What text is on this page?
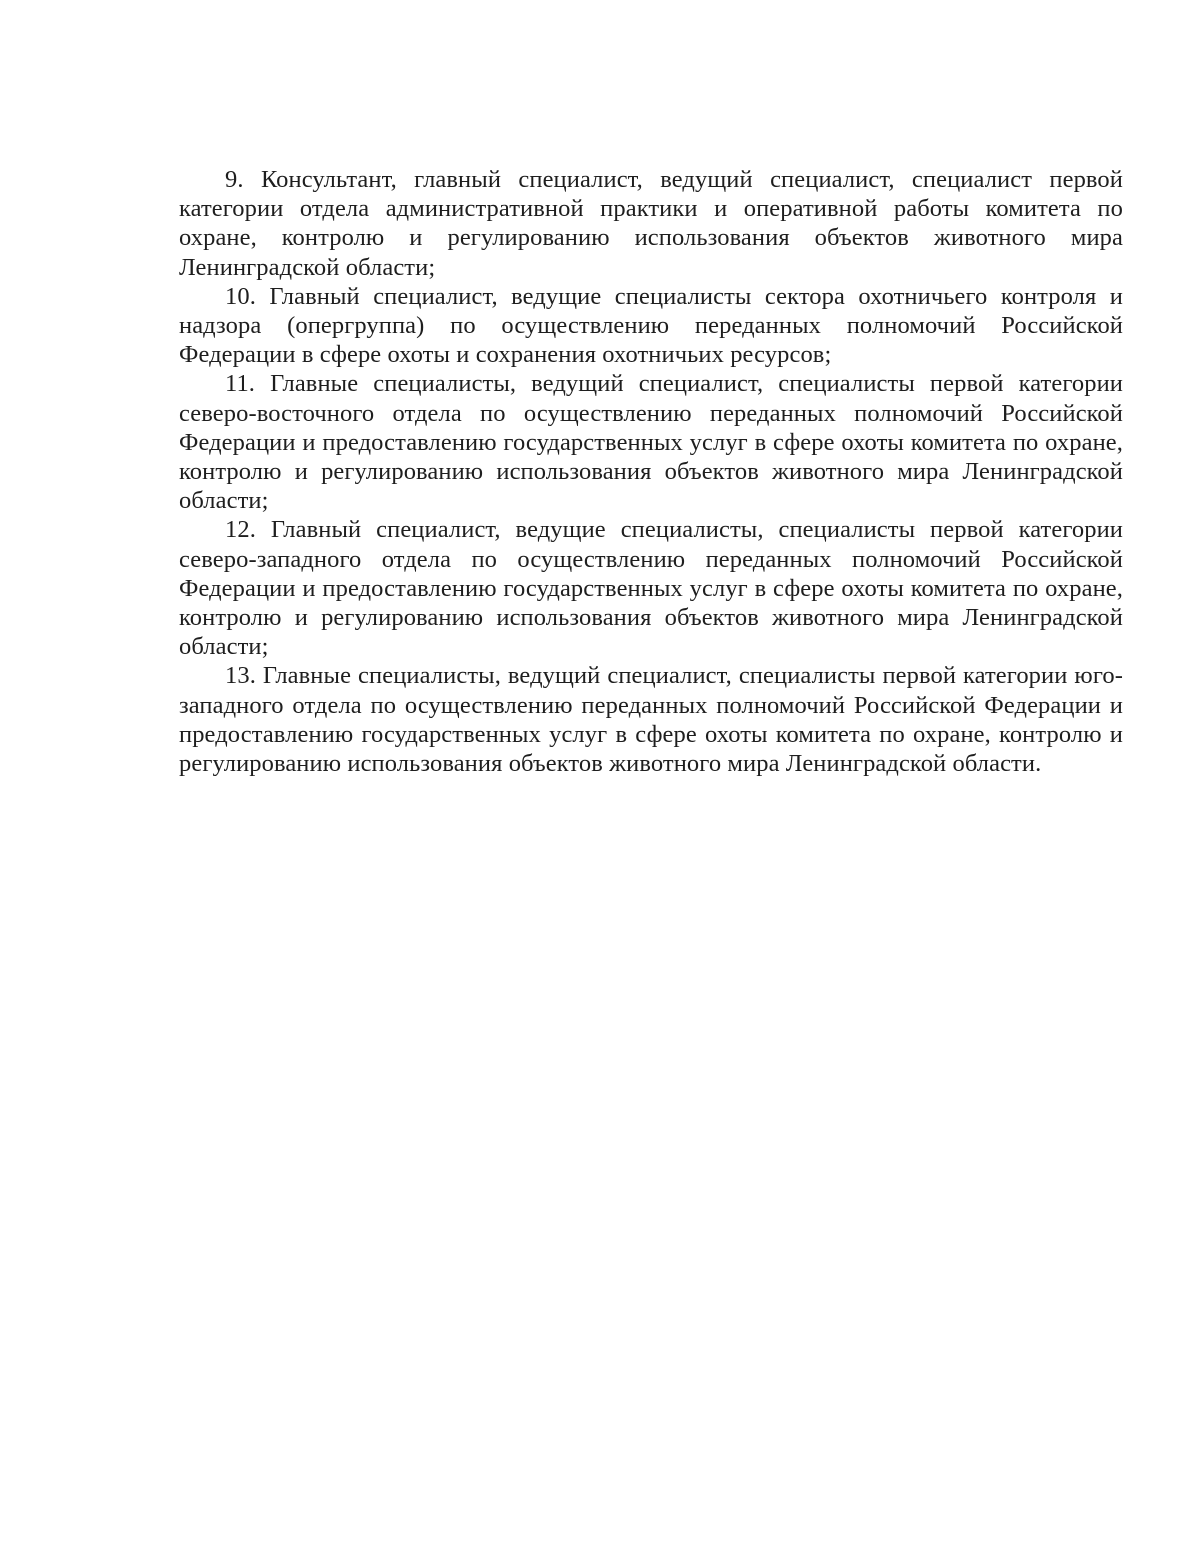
9. Консультант, главный специалист, ведущий специалист, специалист первой категории отдела административной практики и оперативной работы комитета по охране, контролю и регулированию использования объектов животного мира Ленинградской области;

10. Главный специалист, ведущие специалисты сектора охотничьего контроля и надзора (опергруппа) по осуществлению переданных полномочий Российской Федерации в сфере охоты и сохранения охотничьих ресурсов;

11. Главные специалисты, ведущий специалист, специалисты первой категории северо-восточного отдела по осуществлению переданных полномочий Российской Федерации и предоставлению государственных услуг в сфере охоты комитета по охране, контролю и регулированию использования объектов животного мира Ленинградской области;

12. Главный специалист, ведущие специалисты, специалисты первой категории северо-западного отдела по осуществлению переданных полномочий Российской Федерации и предоставлению государственных услуг в сфере охоты комитета по охране, контролю и регулированию использования объектов животного мира Ленинградской области;

13. Главные специалисты, ведущий специалист, специалисты первой категории юго-западного отдела по осуществлению переданных полномочий Российской Федерации и предоставлению государственных услуг в сфере охоты комитета по охране, контролю и регулированию использования объектов животного мира Ленинградской области.
